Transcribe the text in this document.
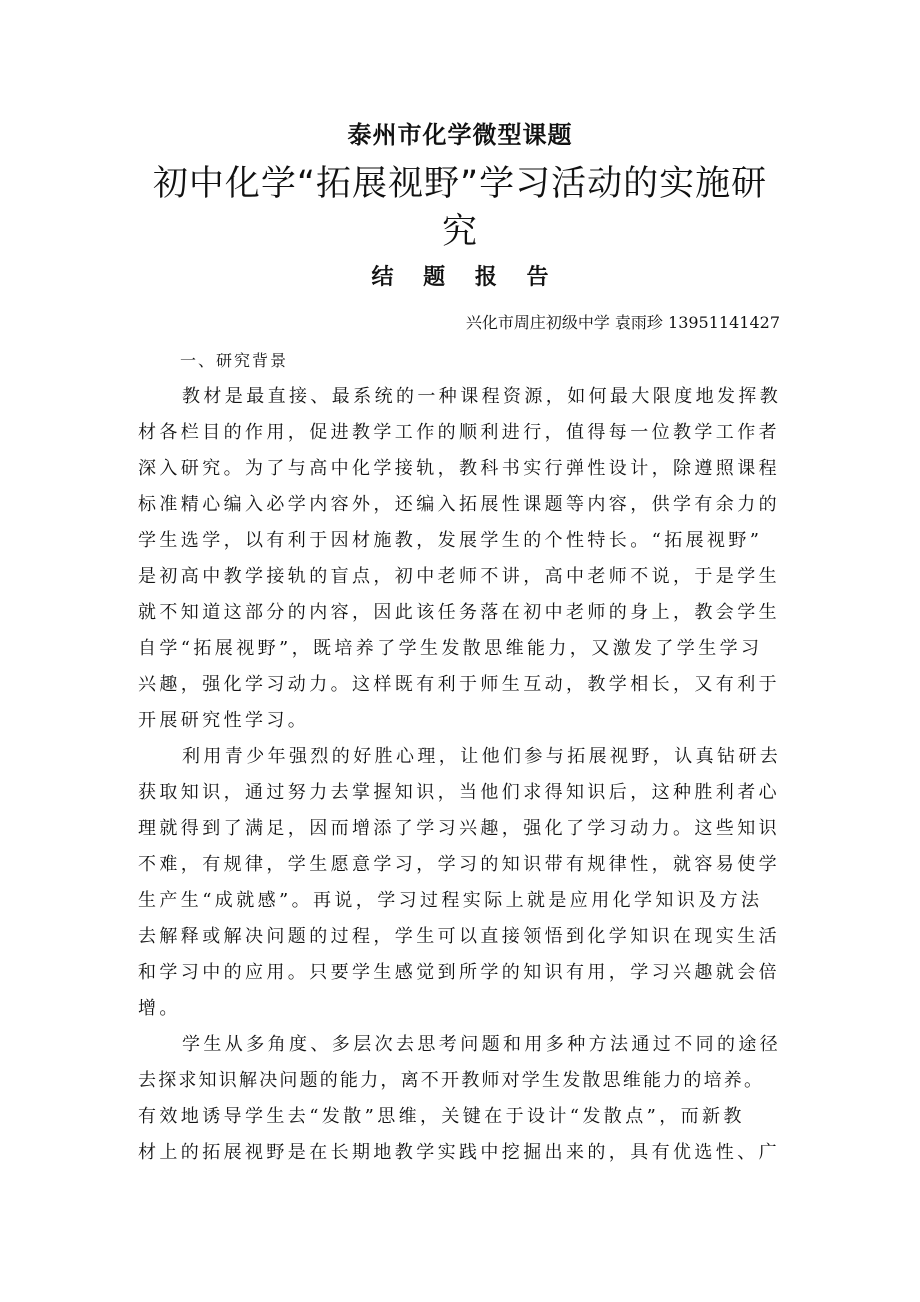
泰州市化学微型课题
初中化学“拓展视野”学习活动的实施研究
结 题 报 告
兴化市周庄初级中学 袁雨珍 13951141427
一、研究背景
教材是最直接、最系统的一种课程资源，如何最大限度地发挥教
材各栏目的作用，促进教学工作的顺利进行，值得每一位教学工作者
深入研究。为了与高中化学接轨，教科书实行弹性设计，除遵照课程
标准精心编入必学内容外，还编入拓展性课题等内容，供学有余力的
学生选学，以有利于因材施教，发展学生的个性特长。“拓展视野”
是初高中教学接轨的盲点，初中老师不讲，高中老师不说，于是学生
就不知道这部分的内容，因此该任务落在初中老师的身上，教会学生
自学“拓展视野”，既培养了学生发散思维能力，又激发了学生学习
兴趣，强化学习动力。这样既有利于师生互动，教学相长，又有利于
开展研究性学习。
利用青少年强烈的好胜心理，让他们参与拓展视野，认真钻研去
获取知识，通过努力去掌握知识，当他们求得知识后，这种胜利者心
理就得到了满足，因而增添了学习兴趣，强化了学习动力。这些知识
不难，有规律，学生愿意学习，学习的知识带有规律性，就容易使学
生产生“成就感”。再说，学习过程实际上就是应用化学知识及方法
去解释或解决问题的过程，学生可以直接领悟到化学知识在现实生活
和学习中的应用。只要学生感觉到所学的知识有用，学习兴趣就会倍
增。
学生从多角度、多层次去思考问题和用多种方法通过不同的途径
去探求知识解决问题的能力，离不开教师对学生发散思维能力的培养。
有效地诱导学生去“发散”思维，关键在于设计“发散点”，而新教
材上的拓展视野是在长期地教学实践中挖掘出来的，具有优选性、广
